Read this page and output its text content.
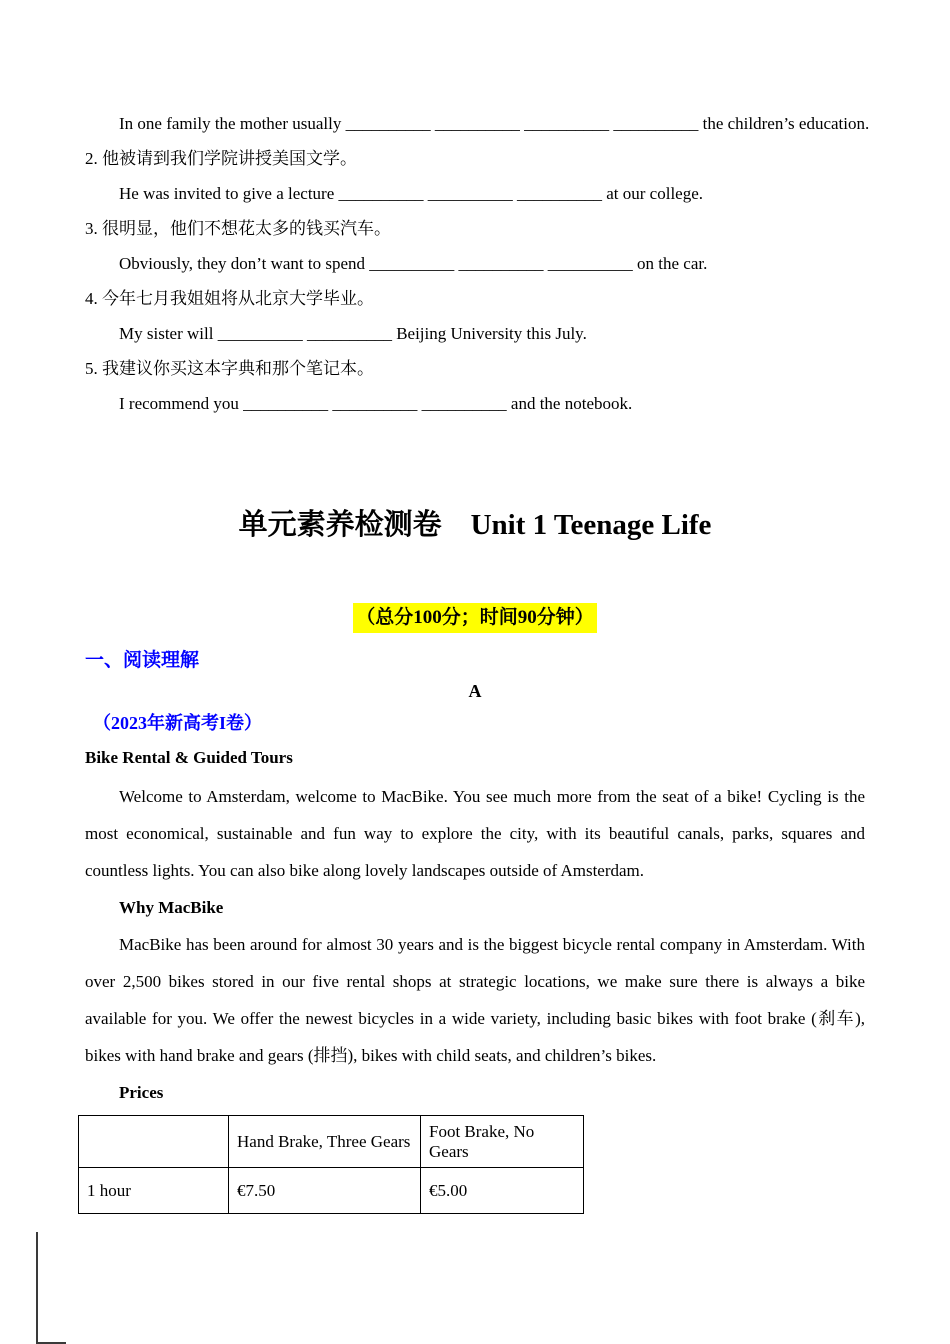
In one family the mother usually __________ __________ __________ __________ the children’s education.

2. 他被请到我们学院讲授美国文学。

He was invited to give a lecture __________ __________ __________ at our college.

3. 很明显，他们不想花太多的钱买汽车。

Obviously, they don’t want to spend __________ __________ __________ on the car.

4. 今年七月我姐姐将从北京大学毕业。

My sister will __________ __________ Beijing University this July.

5. 我建议你买这本字典和那个笔记本。

I recommend you __________ __________ __________ and the notebook.

单元素养检测卷　Unit 1 Teenage Life
（总分100分；时间90分钟）
一、阅读理解

A

（2023年新高考I卷）

Bike Rental & Guided Tours

Welcome to Amsterdam, welcome to MacBike. You see much more from the seat of a bike! Cycling is the most economical, sustainable and fun way to explore the city, with its beautiful canals, parks, squares and countless lights. You can also bike along lovely landscapes outside of Amsterdam.

Why MacBike

MacBike has been around for almost 30 years and is the biggest bicycle rental company in Amsterdam. With over 2,500 bikes stored in our five rental shops at strategic locations, we make sure there is always a bike available for you. We offer the newest bicycles in a wide variety, including basic bikes with foot brake (刹车), bikes with hand brake and gears (排挡), bikes with child seats, and children’s bikes.

Prices

	Hand Brake, Three Gears	Foot Brake, No Gears
1 hour	€7.50	€5.00
